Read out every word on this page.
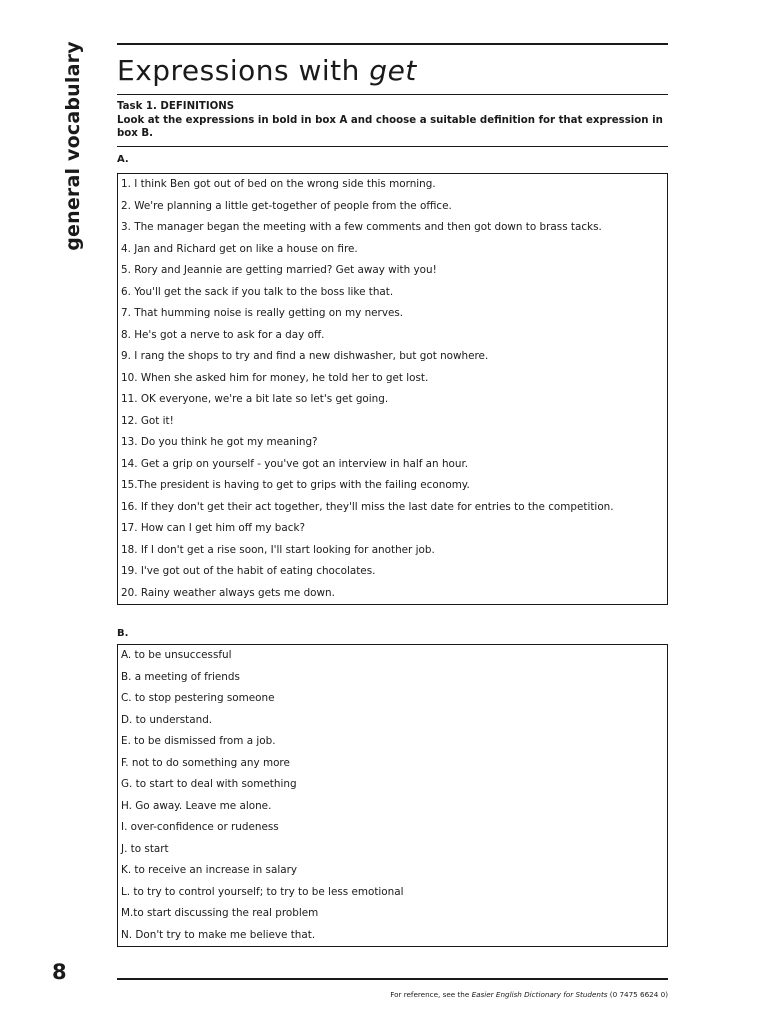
general vocabulary Expressions with get
Task 1. DEFINITIONS
Look at the expressions in bold in box A and choose a suitable definition for that expression in box B.
A.
1. I think Ben got out of bed on the wrong side this morning.
2. We're planning a little get-together of people from the office.
3. The manager began the meeting with a few comments and then got down to brass tacks.
4. Jan and Richard get on like a house on fire.
5. Rory and Jeannie are getting married? Get away with you!
6. You'll get the sack if you talk to the boss like that.
7. That humming noise is really getting on my nerves.
8. He's got a nerve to ask for a day off.
9. I rang the shops to try and find a new dishwasher, but got nowhere.
10. When she asked him for money, he told her to get lost.
11. OK everyone, we're a bit late so let's get going.
12. Got it!
13. Do you think he got my meaning?
14. Get a grip on yourself - you've got an interview in half an hour.
15.The president is having to get to grips with the failing economy.
16. If they don't get their act together, they'll miss the last date for entries to the competition.
17. How can I get him off my back?
18. If I don't get a rise soon, I'll start looking for another job.
19. I've got out of the habit of eating chocolates.
20. Rainy weather always gets me down.
B.
A. to be unsuccessful
B. a meeting of friends
C. to stop pestering someone
D. to understand.
E. to be dismissed from a job.
F. not to do something any more
G. to start to deal with something
H. Go away. Leave me alone.
I. over-confidence or rudeness
J. to start
K. to receive an increase in salary
L. to try to control yourself; to try to be less emotional
M.to start discussing the real problem
N. Don't try to make me believe that.
8
For reference, see the Easier English Dictionary for Students (0 7475 6624 0)
